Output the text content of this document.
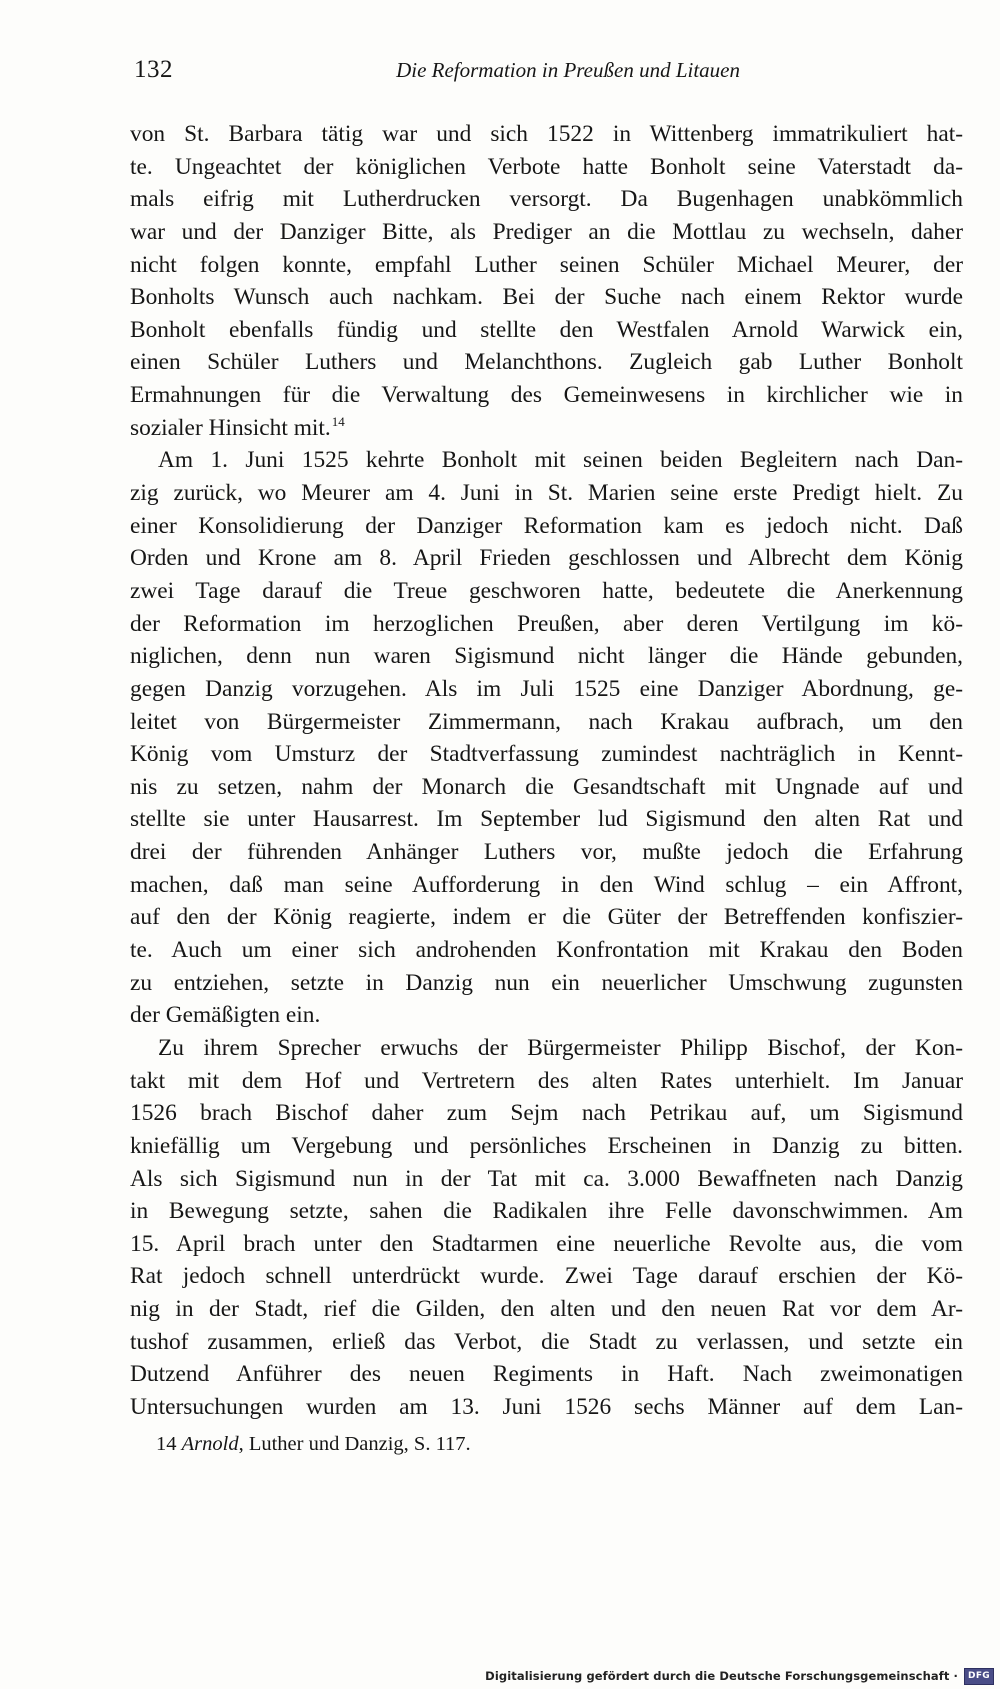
132	Die Reformation in Preußen und Litauen
von St. Barbara tätig war und sich 1522 in Wittenberg immatrikuliert hat-
te. Ungeachtet der königlichen Verbote hatte Bonholt seine Vaterstadt da-
mals eifrig mit Lutherdrucken versorgt. Da Bugenhagen unabkömmlich
war und der Danziger Bitte, als Prediger an die Mottlau zu wechseln, daher
nicht folgen konnte, empfahl Luther seinen Schüler Michael Meurer, der
Bonholts Wunsch auch nachkam. Bei der Suche nach einem Rektor wurde
Bonholt ebenfalls fündig und stellte den Westfalen Arnold Warwick ein,
einen Schüler Luthers und Melanchthons. Zugleich gab Luther Bonholt
Ermahnungen für die Verwaltung des Gemeinwesens in kirchlicher wie in
sozialer Hinsicht mit.$^{14}$
Am 1. Juni 1525 kehrte Bonholt mit seinen beiden Begleitern nach Dan-
zig zurück, wo Meurer am 4. Juni in St. Marien seine erste Predigt hielt. Zu
einer Konsolidierung der Danziger Reformation kam es jedoch nicht. Daß
Orden und Krone am 8. April Frieden geschlossen und Albrecht dem König
zwei Tage darauf die Treue geschworen hatte, bedeutete die Anerkennung
der Reformation im herzoglichen Preußen, aber deren Vertilgung im kö-
niglichen, denn nun waren Sigismund nicht länger die Hände gebunden,
gegen Danzig vorzugehen. Als im Juli 1525 eine Danziger Abordnung, ge-
leitet von Bürgermeister Zimmermann, nach Krakau aufbrach, um den
König vom Umsturz der Stadtverfassung zumindest nachträglich in Kennt-
nis zu setzen, nahm der Monarch die Gesandtschaft mit Ungnade auf und
stellte sie unter Hausarrest. Im September lud Sigismund den alten Rat und
drei der führenden Anhänger Luthers vor, mußte jedoch die Erfahrung
machen, daß man seine Aufforderung in den Wind schlug – ein Affront,
auf den der König reagierte, indem er die Güter der Betreffenden konfiszier-
te. Auch um einer sich androhenden Konfrontation mit Krakau den Boden
zu entziehen, setzte in Danzig nun ein neuerlicher Umschwung zugunsten
der Gemäßigten ein.
Zu ihrem Sprecher erwuchs der Bürgermeister Philipp Bischof, der Kon-
takt mit dem Hof und Vertretern des alten Rates unterhielt. Im Januar
1526 brach Bischof daher zum Sejm nach Petrikau auf, um Sigismund
kniefällig um Vergebung und persönliches Erscheinen in Danzig zu bitten.
Als sich Sigismund nun in der Tat mit ca. 3.000 Bewaffneten nach Danzig
in Bewegung setzte, sahen die Radikalen ihre Felle davonschwimmen. Am
15. April brach unter den Stadtarmen eine neuerliche Revolte aus, die vom
Rat jedoch schnell unterdrückt wurde. Zwei Tage darauf erschien der Kö-
nig in der Stadt, rief die Gilden, den alten und den neuen Rat vor dem Ar-
tushof zusammen, erließ das Verbot, die Stadt zu verlassen, und setzte ein
Dutzend Anführer des neuen Regiments in Haft. Nach zweimonatigen
Untersuchungen wurden am 13. Juni 1526 sechs Männer auf dem Lan-
14 Arnold, Luther und Danzig, S. 117.
Digitalisierung gefördert durch die Deutsche Forschungsgemeinschaft ·	DFG
